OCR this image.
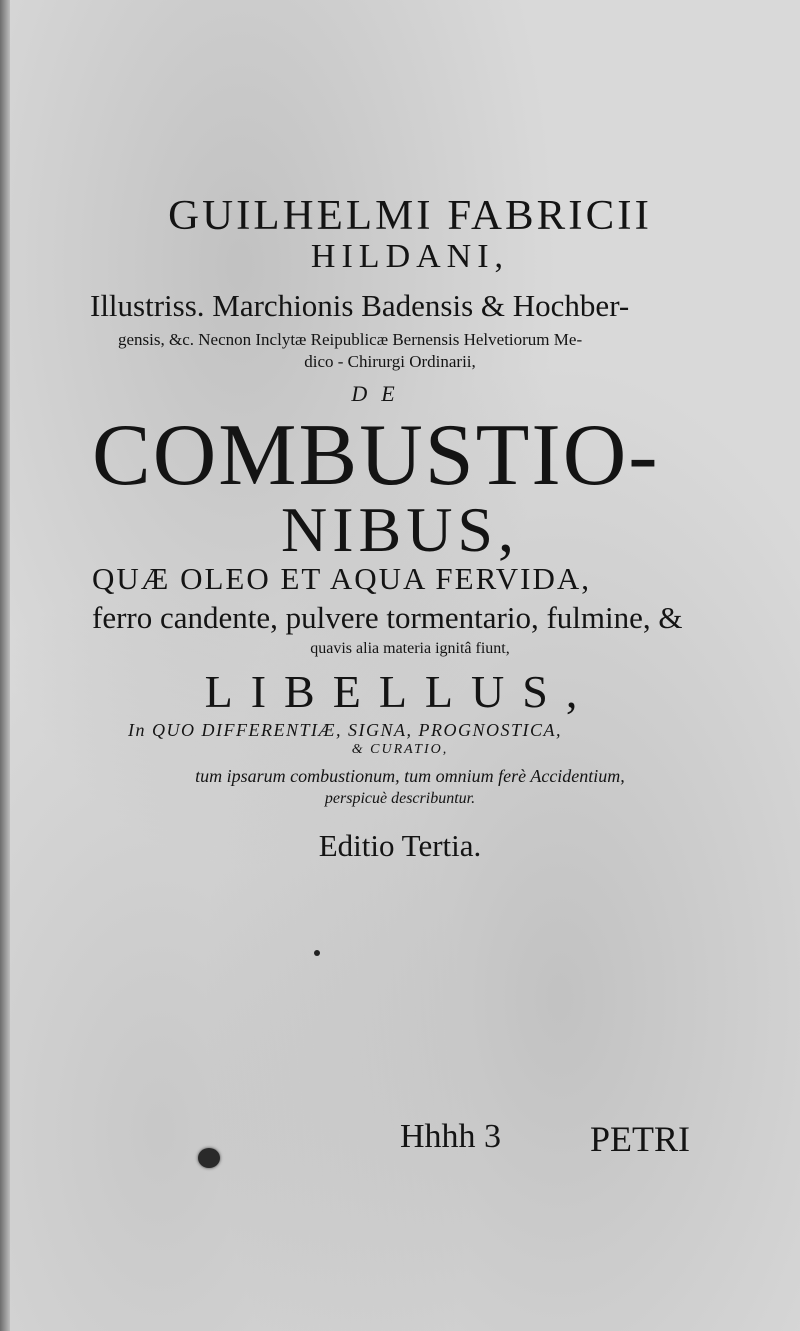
GUILHELMI FABRICII
HILDANI,
Illustriss. Marchionis Badensis & Hochber-
gensis, &c. Necnon Inclytæ Reipublicæ Bernensis Helvetiorum Me-
dico - Chirurgi Ordinarii,
DE
COMBUSTIO-
NIBUS,
QUÆ OLEO ET AQUA FERVIDA,
ferro candente, pulvere tormentario, fulmine, &
quavis alia materia ignitâ fiunt,
LIBELLUS,
In QUO DIFFERENTIÆ, SIGNA, PROGNOSTICA,
& CURATIO,
tum ipsarum combustionum, tum omnium ferè Accidentium,
perspicuè describuntur.
Editio Tertia.
Hhhh 3 PETRI
